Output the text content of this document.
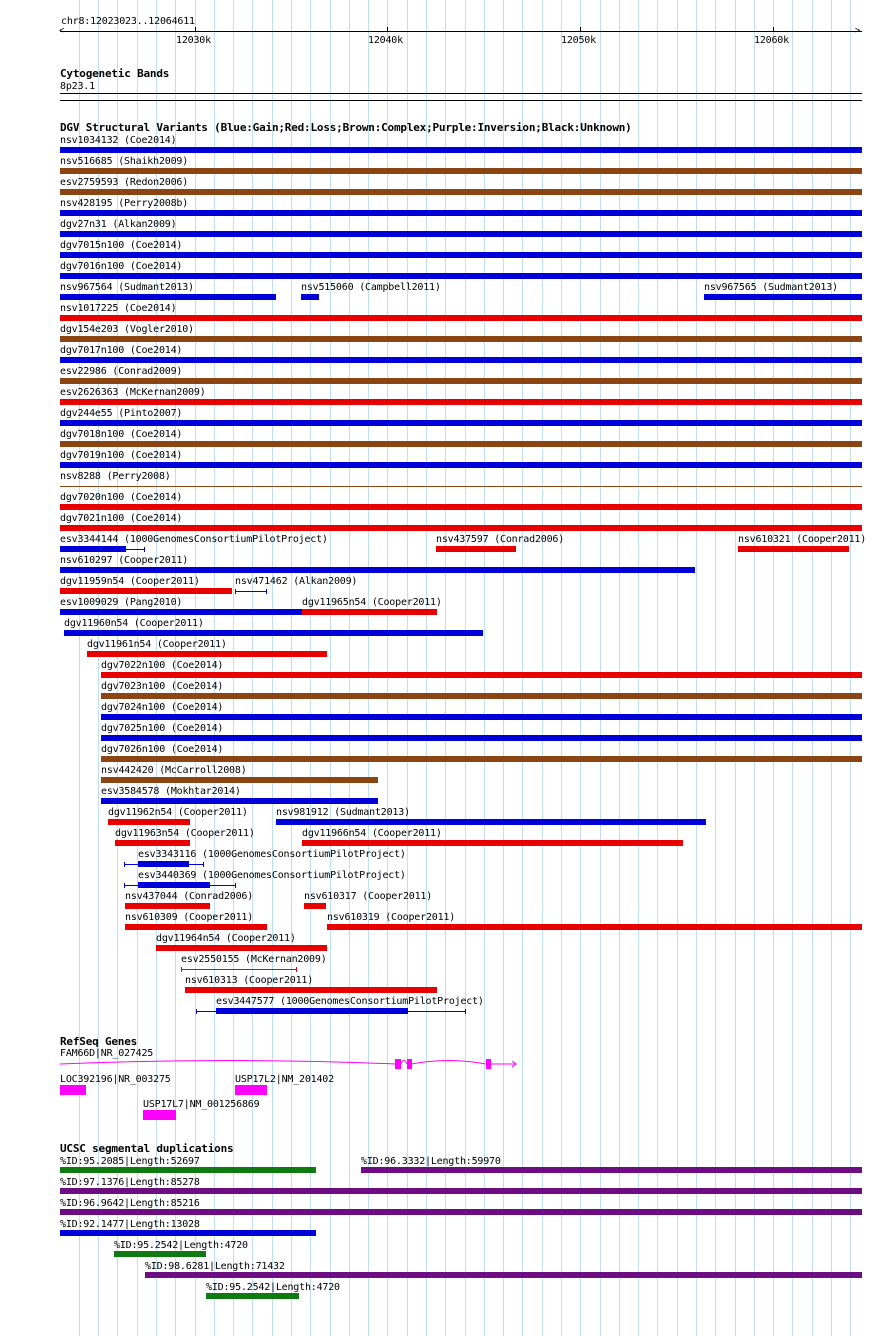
chr8:12023023..12064611
<	>
12030k	12040k	12050k	12060k
Cytogenetic Bands
8p23.1
DGV Structural Variants (Blue:Gain;Red:Loss;Brown:Complex;Purple:Inversion;Black:Unknown)
nsv1034132 (Coe2014)
nsv516685 (Shaikh2009)
esv2759593 (Redon2006)
nsv428195 (Perry2008b)
dgv27n31 (Alkan2009)
dgv7015n100 (Coe2014)
dgv7016n100 (Coe2014)
nsv967564 (Sudmant2013)	nsv515060 (Campbell2011)	nsv967565 (Sudmant2013)
nsv1017225 (Coe2014)
dgv154e203 (Vogler2010)
dgv7017n100 (Coe2014)
esv22986 (Conrad2009)
esv2626363 (McKernan2009)
dgv244e55 (Pinto2007)
dgv7018n100 (Coe2014)
dgv7019n100 (Coe2014)
nsv8288 (Perry2008)
dgv7020n100 (Coe2014)
dgv7021n100 (Coe2014)
esv3344144 (1000GenomesConsortiumPilotProject)	nsv437597 (Conrad2006)	nsv610321 (Cooper2011)
nsv610297 (Cooper2011)
dgv11959n54 (Cooper2011)	nsv471462 (Alkan2009)
esv1009029 (Pang2010)	dgv11965n54 (Cooper2011)
dgv11960n54 (Cooper2011)
dgv11961n54 (Cooper2011)
dgv7022n100 (Coe2014)
dgv7023n100 (Coe2014)
dgv7024n100 (Coe2014)
dgv7025n100 (Coe2014)
dgv7026n100 (Coe2014)
nsv442420 (McCarroll2008)
esv3584578 (Mokhtar2014)
dgv11962n54 (Cooper2011)	nsv981912 (Sudmant2013)
dgv11963n54 (Cooper2011)	dgv11966n54 (Cooper2011)
esv3343116 (1000GenomesConsortiumPilotProject)
esv3440369 (1000GenomesConsortiumPilotProject)
nsv437044 (Conrad2006)	nsv610317 (Cooper2011)
nsv610309 (Cooper2011)	nsv610319 (Cooper2011)
dgv11964n54 (Cooper2011)
esv2550155 (McKernan2009)
nsv610313 (Cooper2011)
esv3447577 (1000GenomesConsortiumPilotProject)
RefSeq Genes
FAM66D|NR_027425
LOC392196|NR_003275	USP17L2|NM_201402
USP17L7|NM_001256869
UCSC segmental duplications
%ID:95.2085|Length:52697	%ID:96.3332|Length:59970
%ID:97.1376|Length:85278
%ID:96.9642|Length:85216
%ID:92.1477|Length:13028
%ID:95.2542|Length:4720
%ID:98.6281|Length:71432
%ID:95.2542|Length:4720
